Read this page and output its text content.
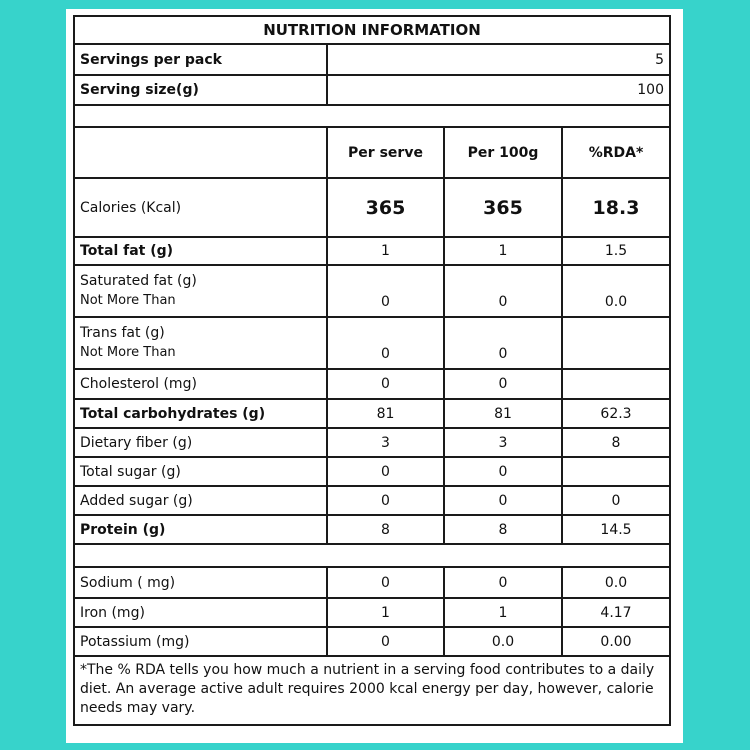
NUTRITION INFORMATION
Servings per pack	5
Serving size(g)	100

	Per serve	Per 100g	%RDA*
Calories (Kcal)	365	365	18.3
Total fat (g)	1	1	1.5
Saturated fat (g)
Not More Than	0	0	0.0
Trans fat (g)
Not More Than	0	0	
Cholesterol (mg)	0	0	
Total carbohydrates (g)	81	81	62.3
Dietary fiber (g)	3	3	8
Total sugar (g)	0	0	
Added sugar (g)	0	0	0
Protein (g)	8	8	14.5

Sodium ( mg)	0	0	0.0
Iron (mg)	1	1	4.17
Potassium (mg)	0	0.0	0.00
*The % RDA tells you how much a nutrient in a serving food contributes to a daily diet. An average active adult requires 2000 kcal energy per day, however, calorie needs may vary.			
